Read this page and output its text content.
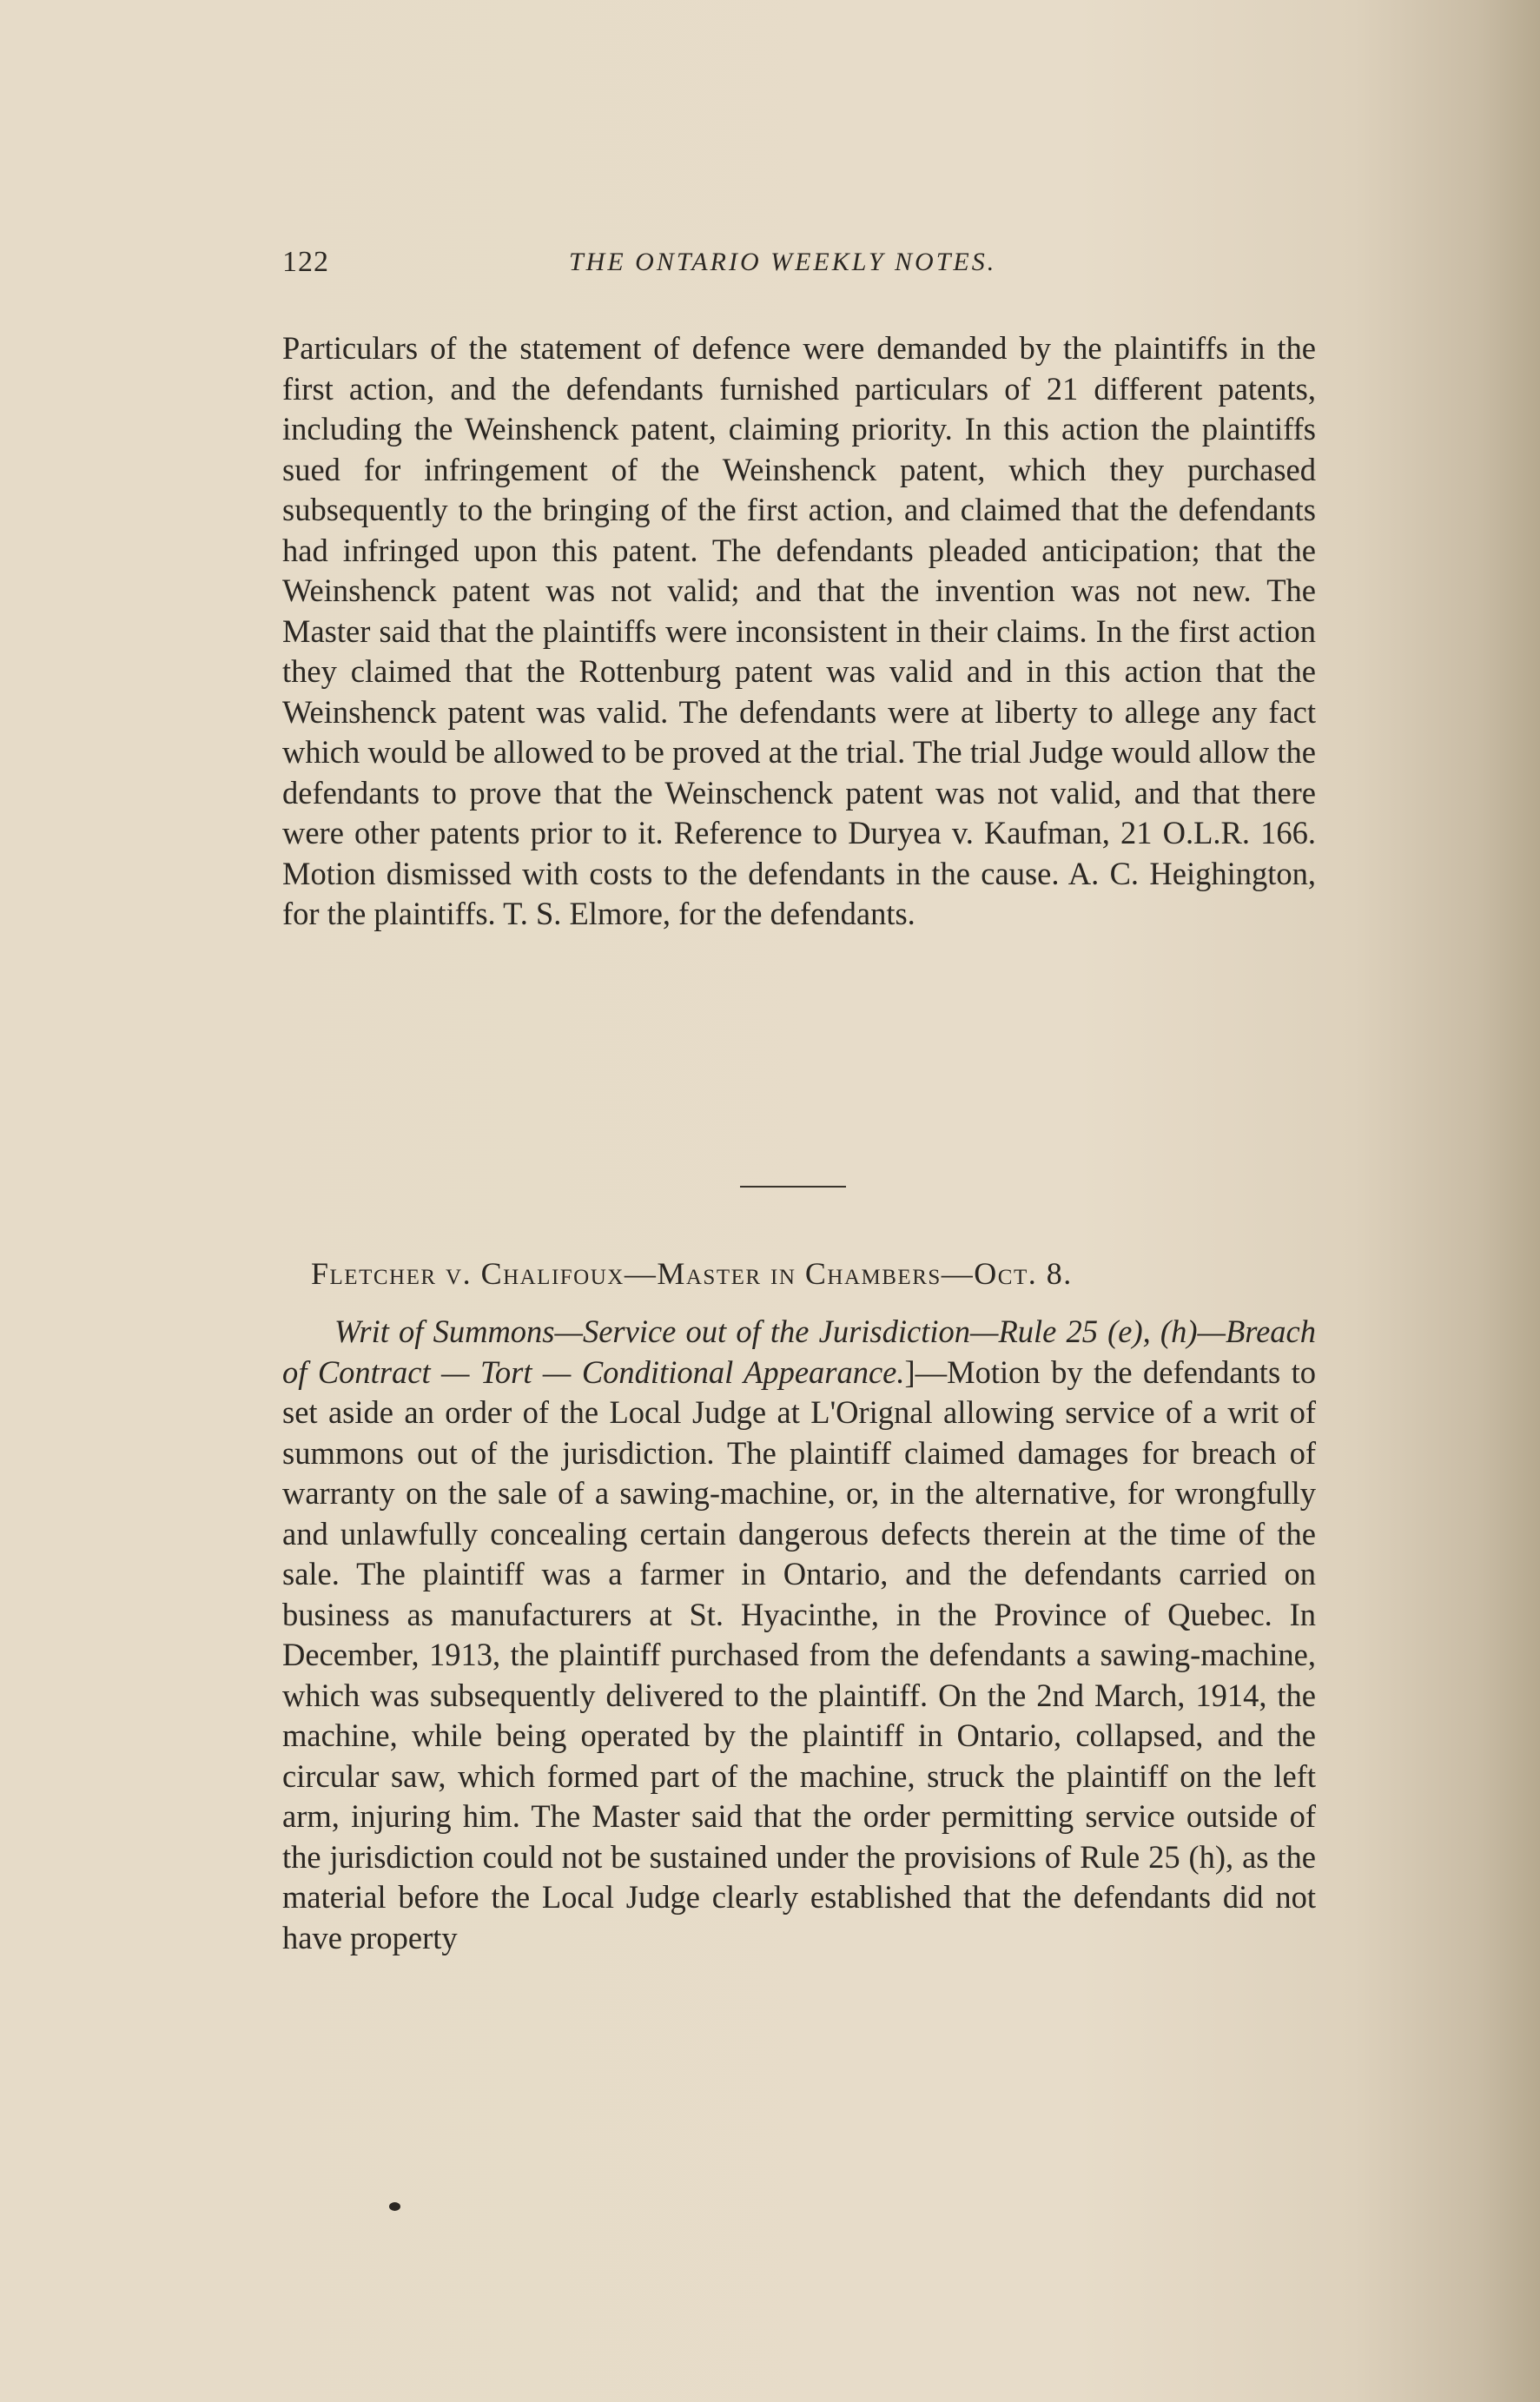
122	THE ONTARIO WEEKLY NOTES.

Particulars of the statement of defence were demanded by the plaintiffs in the first action, and the defendants furnished particulars of 21 different patents, including the Weinshenck patent, claiming priority. In this action the plaintiffs sued for infringement of the Weinshenck patent, which they purchased subsequently to the bringing of the first action, and claimed that the defendants had infringed upon this patent. The defendants pleaded anticipation; that the Weinshenck patent was not valid; and that the invention was not new. The Master said that the plaintiffs were inconsistent in their claims. In the first action they claimed that the Rottenburg patent was valid and in this action that the Weinshenck patent was valid. The defendants were at liberty to allege any fact which would be allowed to be proved at the trial. The trial Judge would allow the defendants to prove that the Weinschenck patent was not valid, and that there were other patents prior to it. Reference to Duryea v. Kaufman, 21 O.L.R. 166. Motion dismissed with costs to the defendants in the cause. A. C. Heighington, for the plaintiffs. T. S. Elmore, for the defendants.

Fletcher v. Chalifoux—Master in Chambers—Oct. 8.

Writ of Summons—Service out of the Jurisdiction—Rule 25 (e), (h)—Breach of Contract — Tort — Conditional Appearance.]—Motion by the defendants to set aside an order of the Local Judge at L'Orignal allowing service of a writ of summons out of the jurisdiction. The plaintiff claimed damages for breach of warranty on the sale of a sawing-machine, or, in the alternative, for wrongfully and unlawfully concealing certain dangerous defects therein at the time of the sale. The plaintiff was a farmer in Ontario, and the defendants carried on business as manufacturers at St. Hyacinthe, in the Province of Quebec. In December, 1913, the plaintiff purchased from the defendants a sawing-machine, which was subsequently delivered to the plaintiff. On the 2nd March, 1914, the machine, while being operated by the plaintiff in Ontario, collapsed, and the circular saw, which formed part of the machine, struck the plaintiff on the left arm, injuring him. The Master said that the order permitting service outside of the jurisdiction could not be sustained under the provisions of Rule 25 (h), as the material before the Local Judge clearly established that the defendants did not have property
